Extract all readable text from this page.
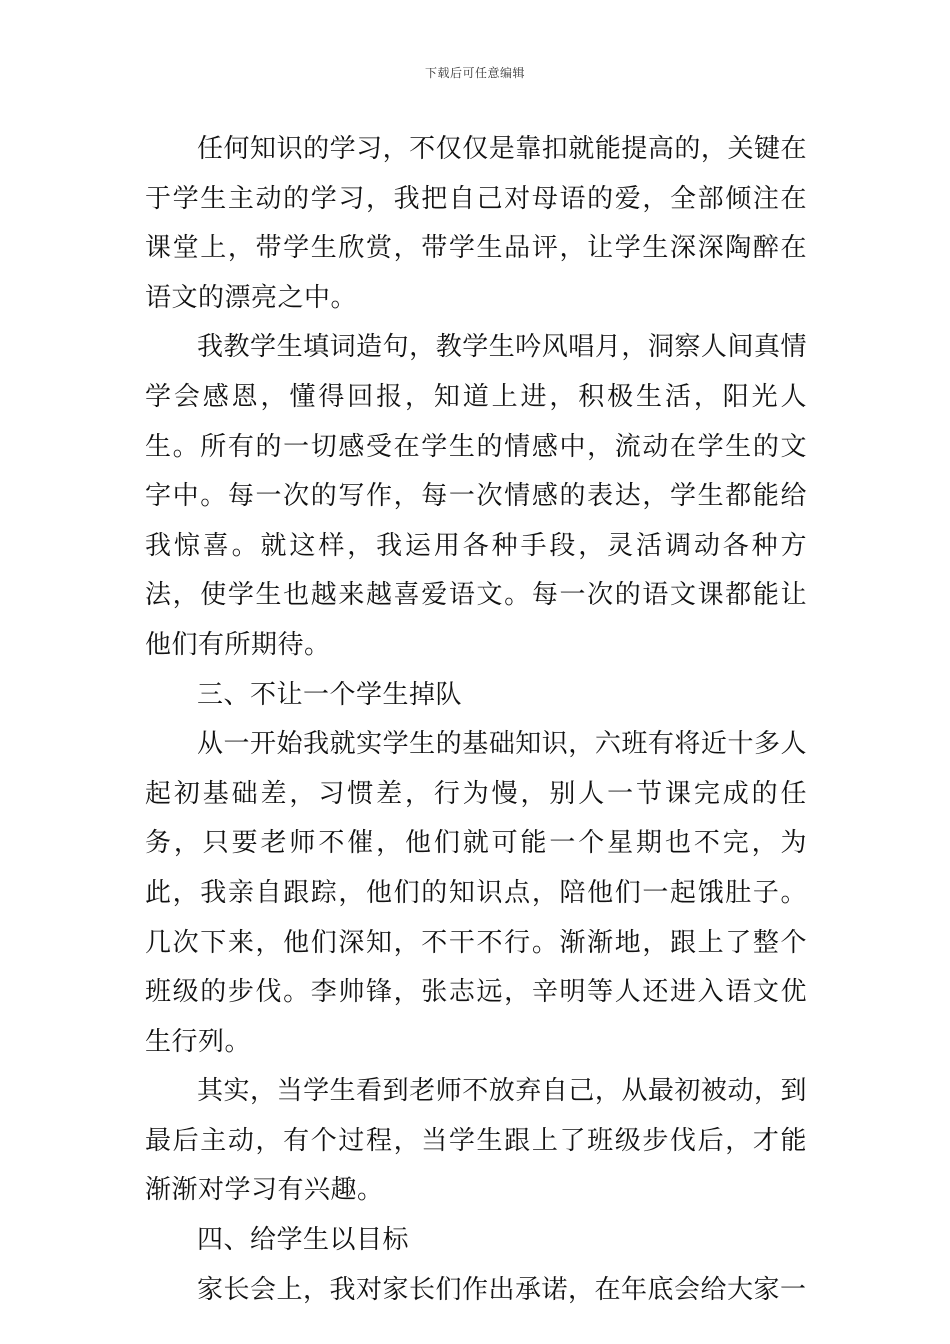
下载后可任意编辑

任何知识的学习，不仅仅是靠扣就能提高的，关键在于学生主动的学习，我把自己对母语的爱，全部倾注在课堂上，带学生欣赏，带学生品评，让学生深深陶醉在语文的漂亮之中。

我教学生填词造句，教学生吟风唱月，洞察人间真情学会感恩，懂得回报，知道上进，积极生活，阳光人生。所有的一切感受在学生的情感中，流动在学生的文字中。每一次的写作，每一次情感的表达，学生都能给我惊喜。就这样，我运用各种手段，灵活调动各种方法，使学生也越来越喜爱语文。每一次的语文课都能让他们有所期待。

三、不让一个学生掉队

从一开始我就实学生的基础知识，六班有将近十多人起初基础差，习惯差，行为慢，别人一节课完成的任务，只要老师不催，他们就可能一个星期也不完，为此，我亲自跟踪，他们的知识点，陪他们一起饿肚子。几次下来，他们深知，不干不行。渐渐地，跟上了整个班级的步伐。李帅锋，张志远，辛明等人还进入语文优生行列。

其实，当学生看到老师不放弃自己，从最初被动，到最后主动，有个过程，当学生跟上了班级步伐后，才能渐渐对学习有兴趣。

四、给学生以目标

家长会上，我对家长们作出承诺，在年底会给大家一
